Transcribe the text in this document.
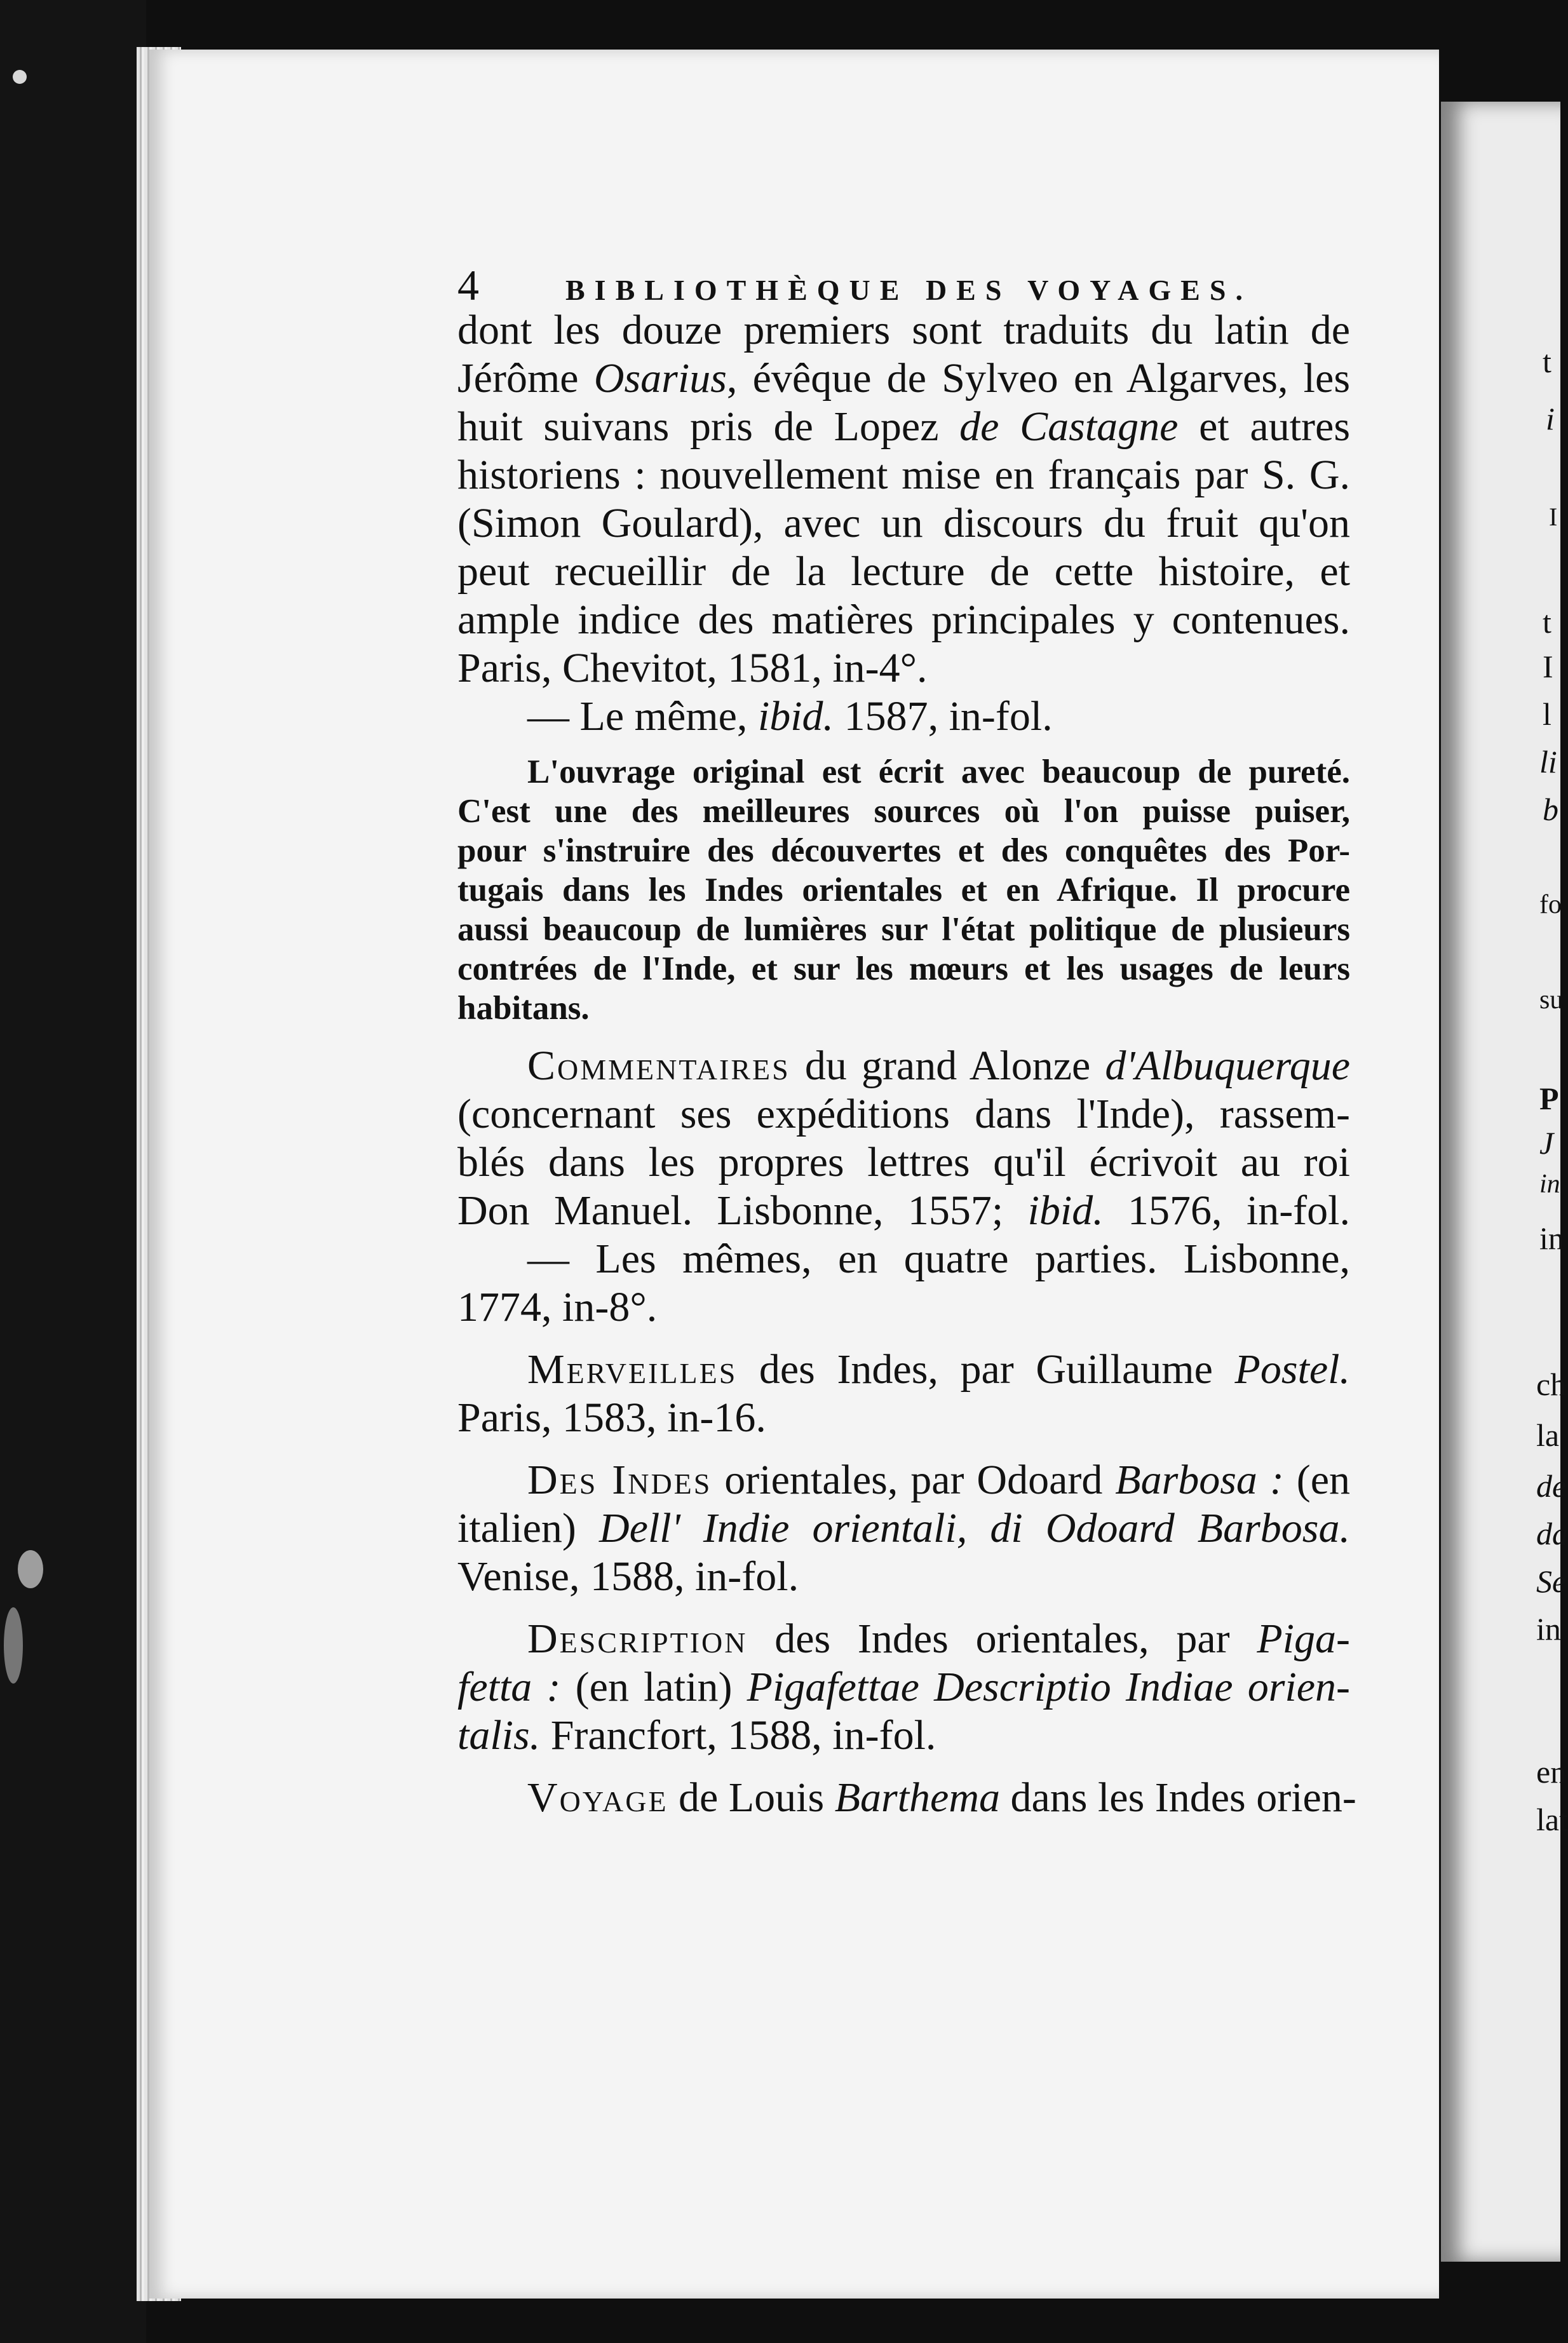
t
i
I
t
I
l
li
b
fo
su
P
J
in
in
ch
la
de
da
Se
in
en
lat
4	BIBLIOTHÈQUE DES VOYAGES.
dont les douze premiers sont traduits du latin de
Jérôme Osarius, évêque de Sylveo en Algarves, les
huit suivans pris de Lopez de Castagne et autres
historiens : nouvellement mise en français par S. G.
(Simon Goulard), avec un discours du fruit qu'on
peut recueillir de la lecture de cette histoire, et
ample indice des matières principales y contenues.
Paris, Chevitot, 1581, in-4°.
— Le même, ibid. 1587, in-fol.
L'ouvrage original est écrit avec beaucoup de pureté.
C'est une des meilleures sources où l'on puisse puiser,
pour s'instruire des découvertes et des conquêtes des Por-
tugais dans les Indes orientales et en Afrique. Il procure
aussi beaucoup de lumières sur l'état politique de plusieurs
contrées de l'Inde, et sur les mœurs et les usages de leurs
habitans.
Commentaires du grand Alonze d'Albuquerque
(concernant ses expéditions dans l'Inde), rassem-
blés dans les propres lettres qu'il écrivoit au roi
Don Manuel. Lisbonne, 1557; ibid. 1576, in-fol.
— Les mêmes, en quatre parties. Lisbonne,
1774, in-8°.
Merveilles des Indes, par Guillaume Postel.
Paris, 1583, in-16.
Des Indes orientales, par Odoard Barbosa : (en
italien) Dell' Indie orientali, di Odoard Barbosa.
Venise, 1588, in-fol.
Description des Indes orientales, par Piga-
fetta : (en latin) Pigafettae Descriptio Indiae orien-
talis. Francfort, 1588, in-fol.
Voyage de Louis Barthema dans les Indes orien-
